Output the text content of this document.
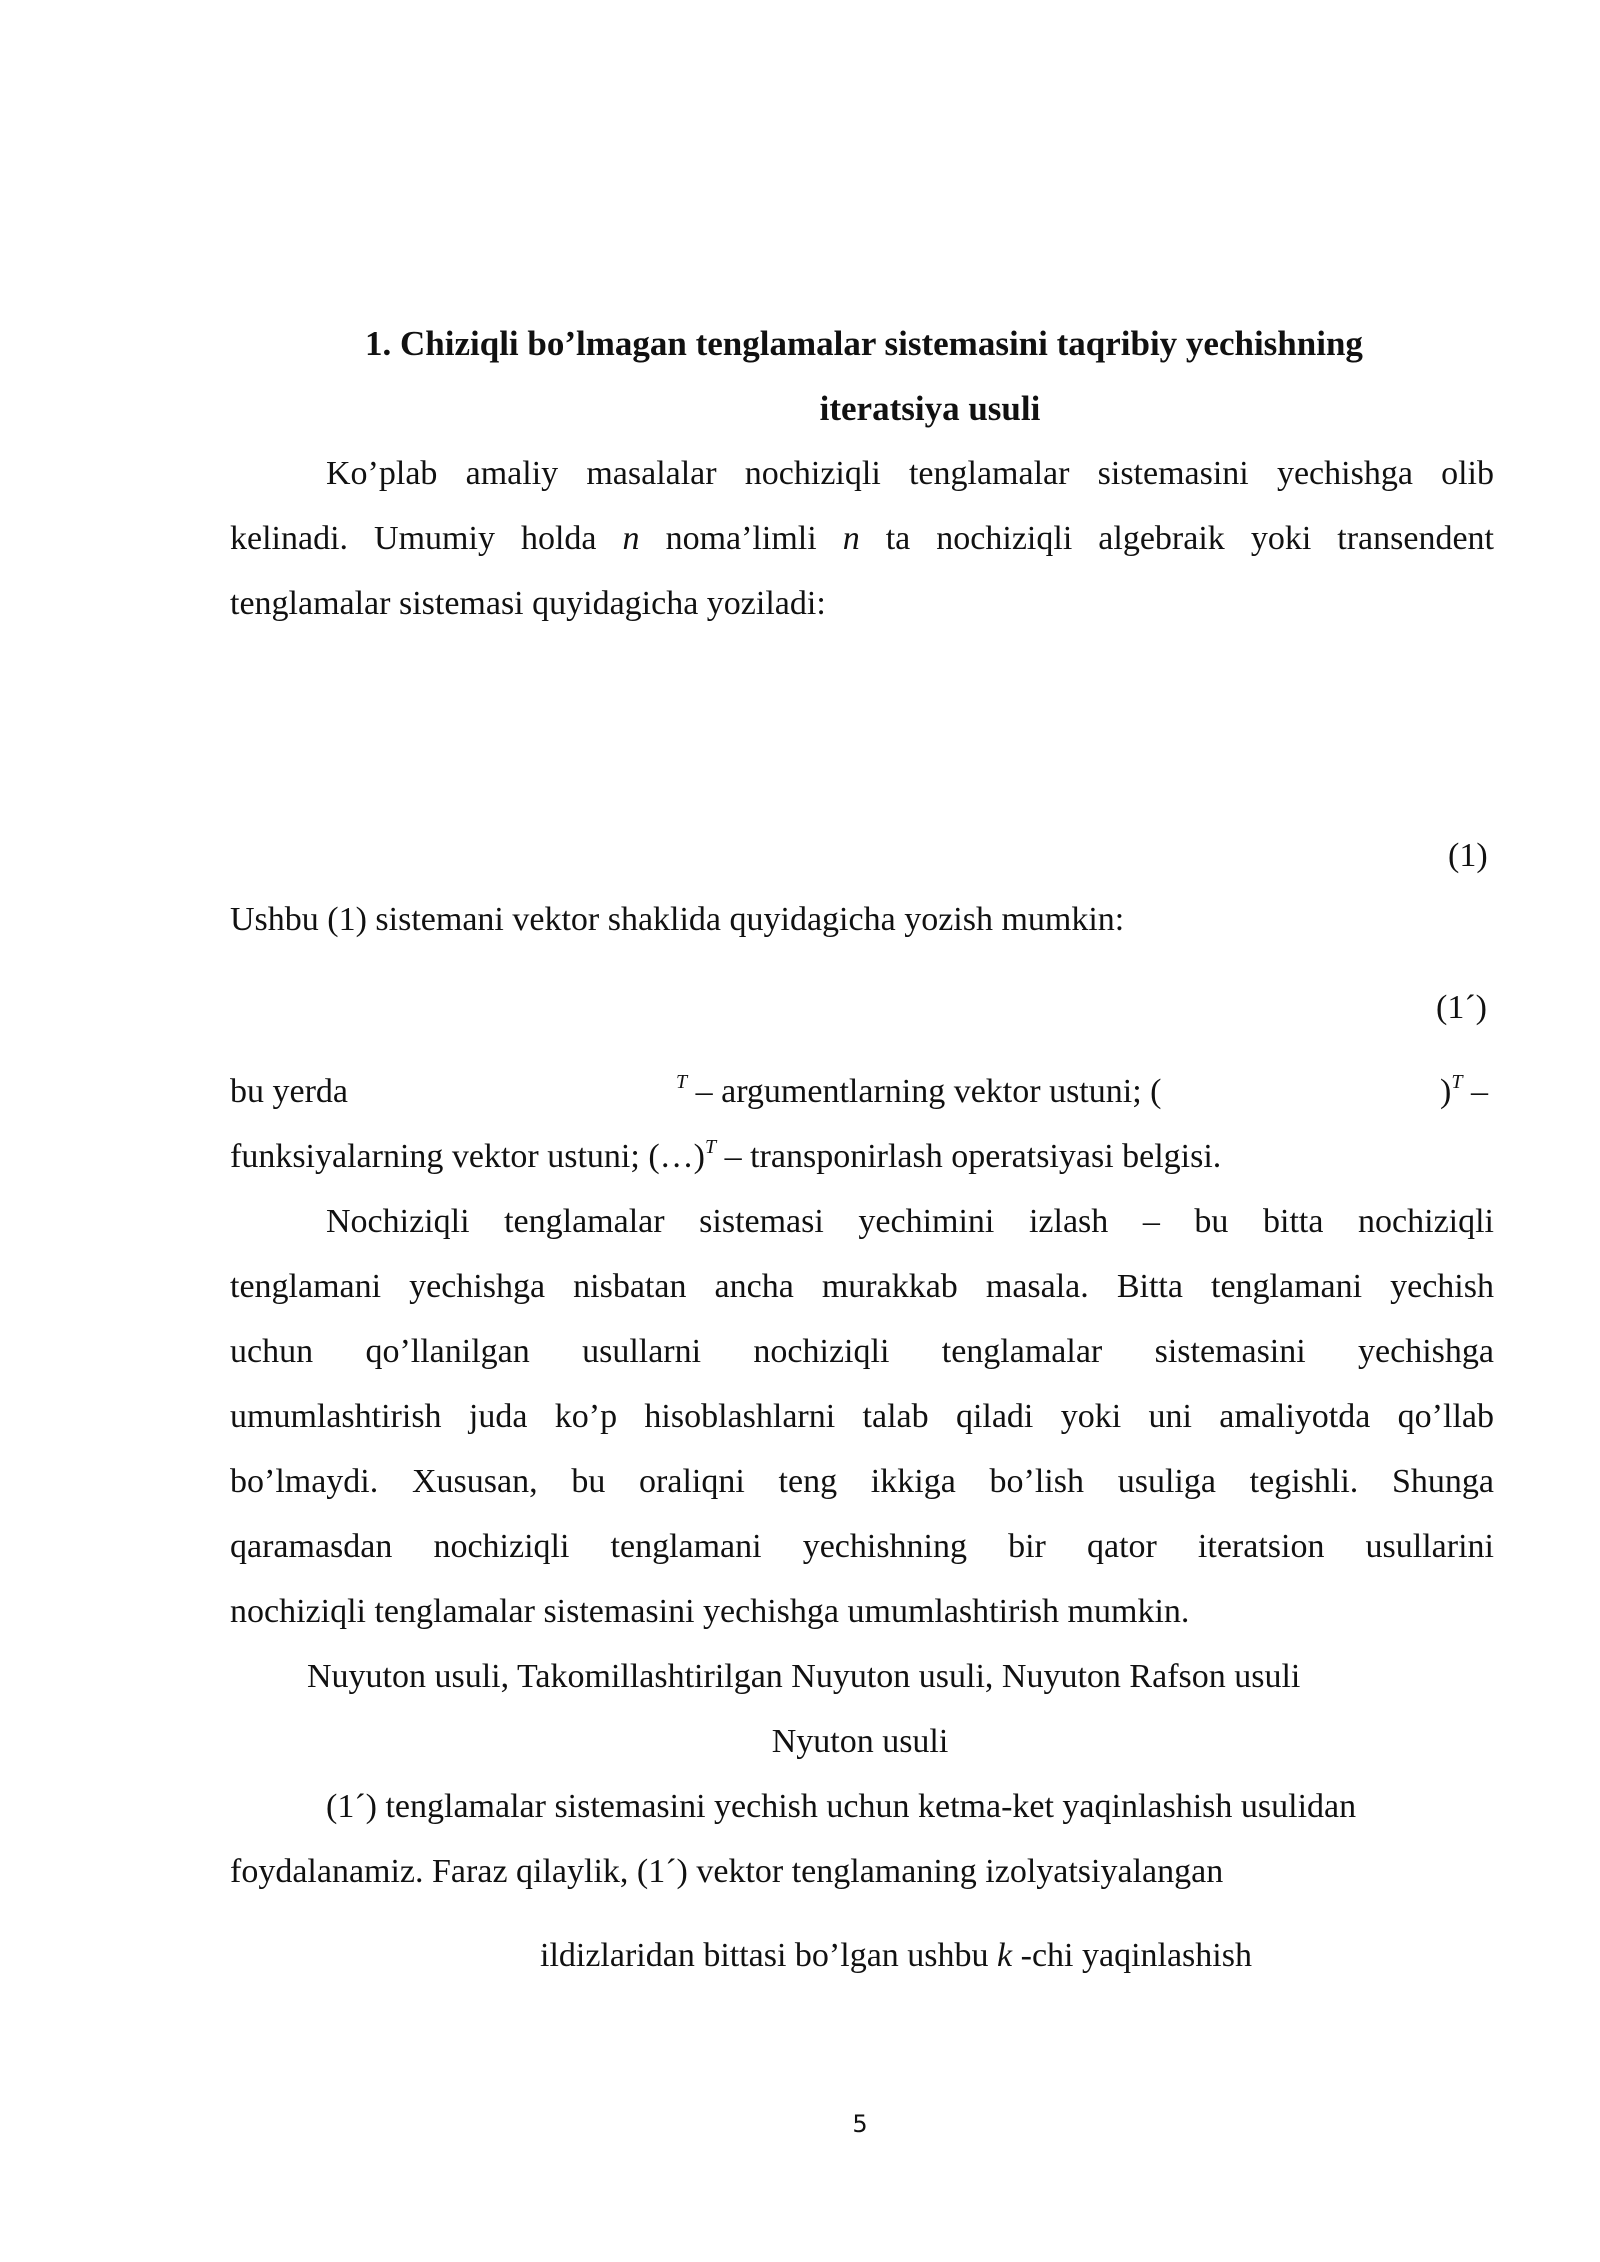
1. Chiziqli bo’lmagan tenglamalar sistemasini taqribiy yechishning
iteratsiya usuli
Ko’plab amaliy masalalar nochiziqli tenglamalar sistemasini yechishga olib
kelinadi. Umumiy holda n noma’limli n ta nochiziqli algebraik yoki transendent
tenglamalar sistemasi quyidagicha yoziladi:
(1)
Ushbu (1) sistemani vektor shaklida quyidagicha yozish mumkin:
(1´)
bu yerda	$^T$ – argumentlarning vektor ustuni; (	)$^T$ –
funksiyalarning vektor ustuni; (…)$^T$ – transponirlash operatsiyasi belgisi.
Nochiziqli tenglamalar sistemasi yechimini izlash – bu bitta nochiziqli
tenglamani yechishga nisbatan ancha murakkab masala. Bitta tenglamani yechish
uchun qo’llanilgan usullarni nochiziqli tenglamalar sistemasini yechishga
umumlashtirish juda ko’p hisoblashlarni talab qiladi yoki uni amaliyotda qo’llab
bo’lmaydi. Xususan, bu oraliqni teng ikkiga bo’lish usuliga tegishli. Shunga
qaramasdan nochiziqli tenglamani yechishning bir qator iteratsion usullarini
nochiziqli tenglamalar sistemasini yechishga umumlashtirish mumkin.
Nuyuton usuli, Takomillashtirilgan Nuyuton usuli, Nuyuton Rafson usuli
Nyuton usuli
(1´) tenglamalar sistemasini yechish uchun ketma-ket yaqinlashish usulidan
foydalanamiz. Faraz qilaylik, (1´) vektor tenglamaning izolyatsiyalangan
ildizlaridan bittasi bo’lgan ushbu k -chi yaqinlashish
5
